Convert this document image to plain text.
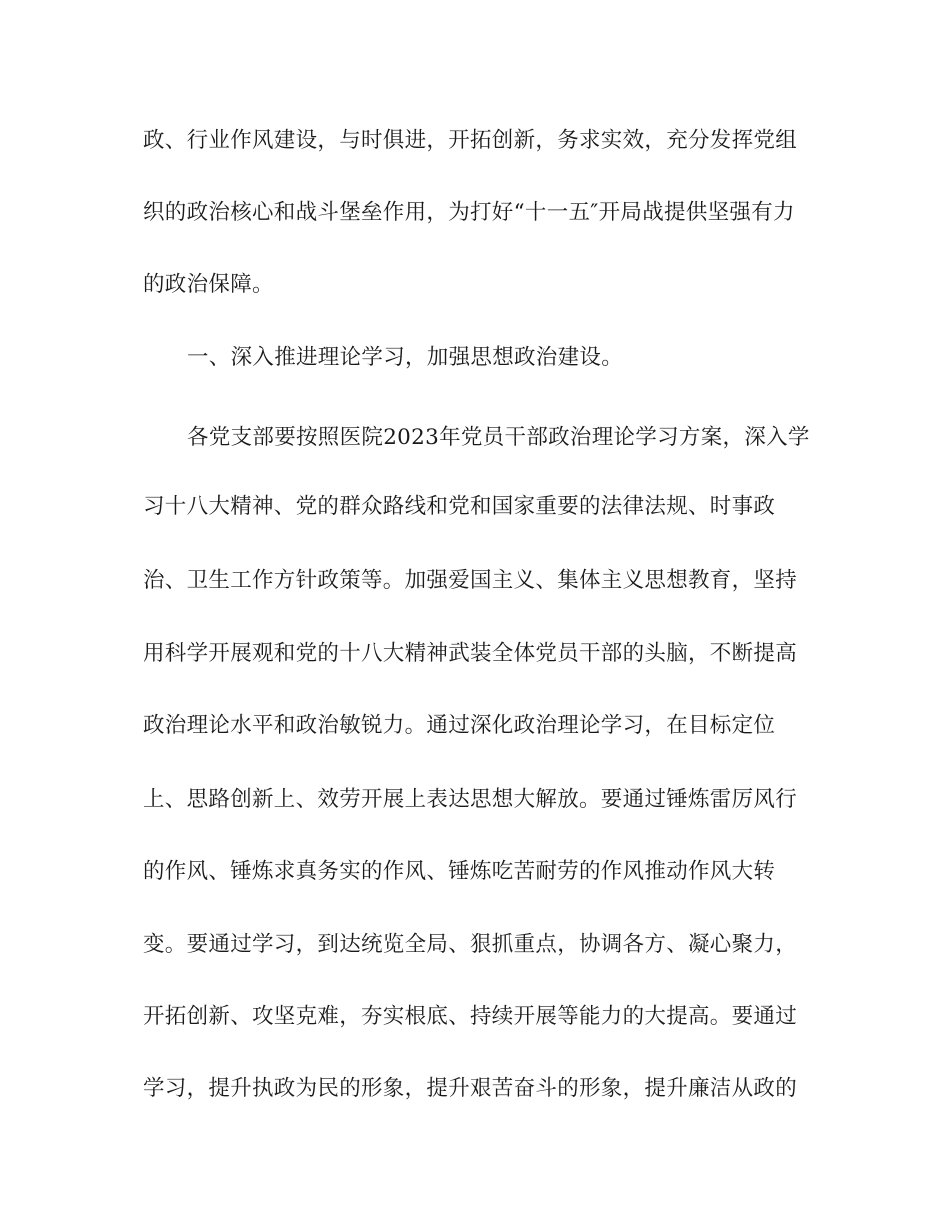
政、行业作风建设，与时俱进，开拓创新，务求实效，充分发挥党组

织的政治核心和战斗堡垒作用，为打好“十一五″开局战提供坚强有力

的政治保障。

一、深入推进理论学习，加强思想政治建设。

各党支部要按照医院2023年党员干部政治理论学习方案，深入学

习十八大精神、党的群众路线和党和国家重要的法律法规、时事政

治、卫生工作方针政策等。加强爱国主义、集体主义思想教育，坚持

用科学开展观和党的十八大精神武装全体党员干部的头脑，不断提高

政治理论水平和政治敏锐力。通过深化政治理论学习，在目标定位

上、思路创新上、效劳开展上表达思想大解放。要通过锤炼雷厉风行

的作风、锤炼求真务实的作风、锤炼吃苦耐劳的作风推动作风大转

变。要通过学习，到达统览全局、狠抓重点，协调各方、凝心聚力，

开拓创新、攻坚克难，夯实根底、持续开展等能力的大提高。要通过

学习，提升执政为民的形象，提升艰苦奋斗的形象，提升廉洁从政的
